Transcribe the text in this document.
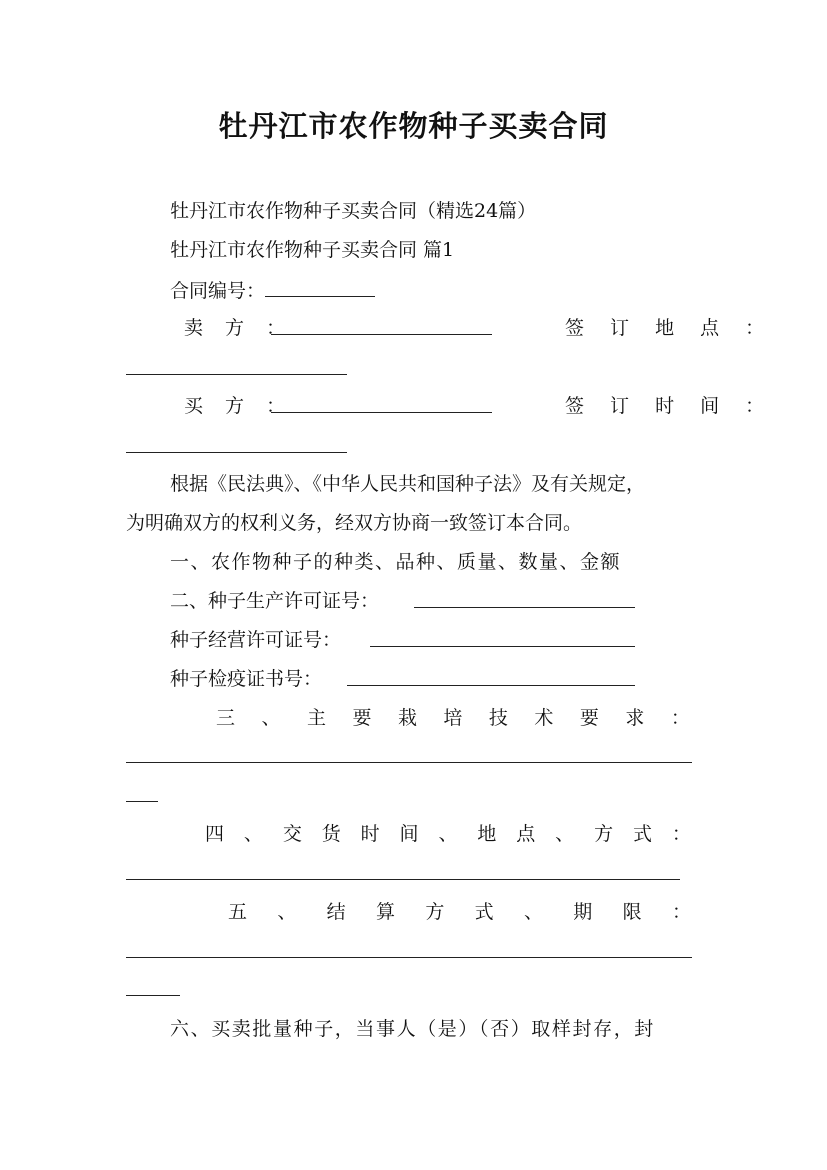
牡丹江市农作物种子买卖合同
牡丹江市农作物种子买卖合同（精选24篇）
牡丹江市农作物种子买卖合同 篇1
合同编号：
卖 方 ：	签 订 地 点 ：
买 方 ：	签 订 时 间 ：
根据《民法典》、《中华人民共和国种子法》及有关规定，
为明确双方的权利义务，经双方协商一致签订本合同。
一、农作物种子的种类、品种、质量、数量、金额
二、种子生产许可证号：
种子经营许可证号：
种子检疫证书号：
三 、 主 要 栽 培 技 术 要 求 ：
四 、 交 货 时 间 、 地 点 、 方 式 ：
五 、 结 算 方 式 、 期 限 ：
六、买卖批量种子，当事人（是）（否）取样封存，封
